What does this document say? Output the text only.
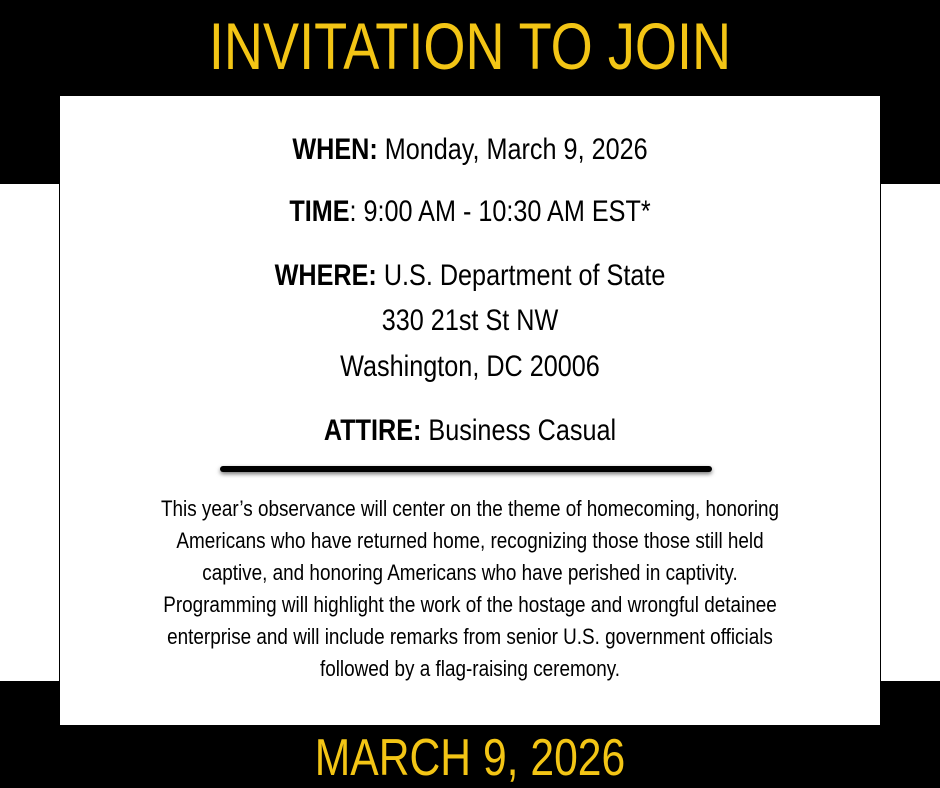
INVITATION TO JOIN
WHEN: Monday, March 9, 2026
TIME: 9:00 AM - 10:30 AM EST*
WHERE: U.S. Department of State
330 21st St NW
Washington, DC 20006
ATTIRE: Business Casual
This year’s observance will center on the theme of homecoming, honoring
Americans who have returned home, recognizing those those still held
captive, and honoring Americans who have perished in captivity.
Programming will highlight the work of the hostage and wrongful detainee
enterprise and will include remarks from senior U.S. government officials
followed by a flag-raising ceremony.
MARCH 9, 2026
